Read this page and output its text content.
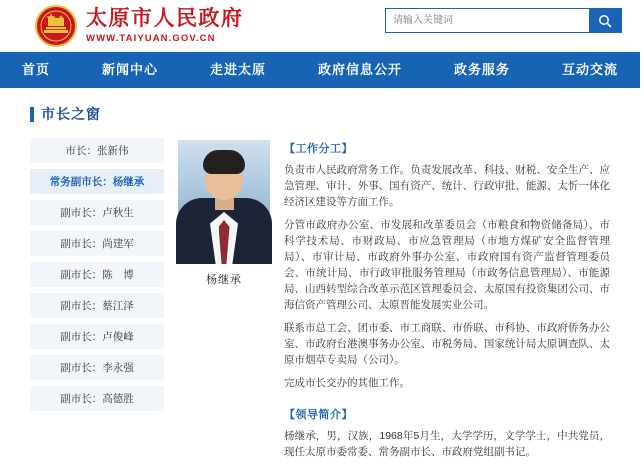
太原市人民政府
WWW.TAIYUAN.GOV.CN
请输入关键词
首页	新闻中心	走进太原	政府信息公开	政务服务	互动交流
市长之窗
市长：张新伟
常务副市长：杨继承
副市长：卢秋生
副市长：尚建军
副市长：陈　博
副市长：蔡江泽
副市长：卢俊峰
副市长：李永强
副市长：高德胜
杨继承
【工作分工】

负责市人民政府常务工作。负责发展改革、科技、财税、安全生产、应急管理、审计、外事、国有资产、统计、行政审批、能源、太忻一体化经济区建设等方面工作。

分管市政府办公室、市发展和改革委员会（市粮食和物资储备局）、市科学技术局、市财政局、市应急管理局（市地方煤矿安全监督管理局）、市审计局、市政府外事办公室、市政府国有资产监督管理委员会、市统计局、市行政审批服务管理局（市政务信息管理局）、市能源局、山西转型综合改革示范区管理委员会、太原国有投资集团公司、市海信资产管理公司、太原晋能发展实业公司。

联系市总工会、团市委、市工商联、市侨联、市科协、市政府侨务办公室、市政府台港澳事务办公室、市税务局、国家统计局太原调查队、太原市烟草专卖局（公司）。

完成市长交办的其他工作。

【领导简介】

杨继承，男，汉族，1968年5月生，大学学历，文学学士，中共党员，现任太原市委常委、常务副市长、市政府党组副书记。
